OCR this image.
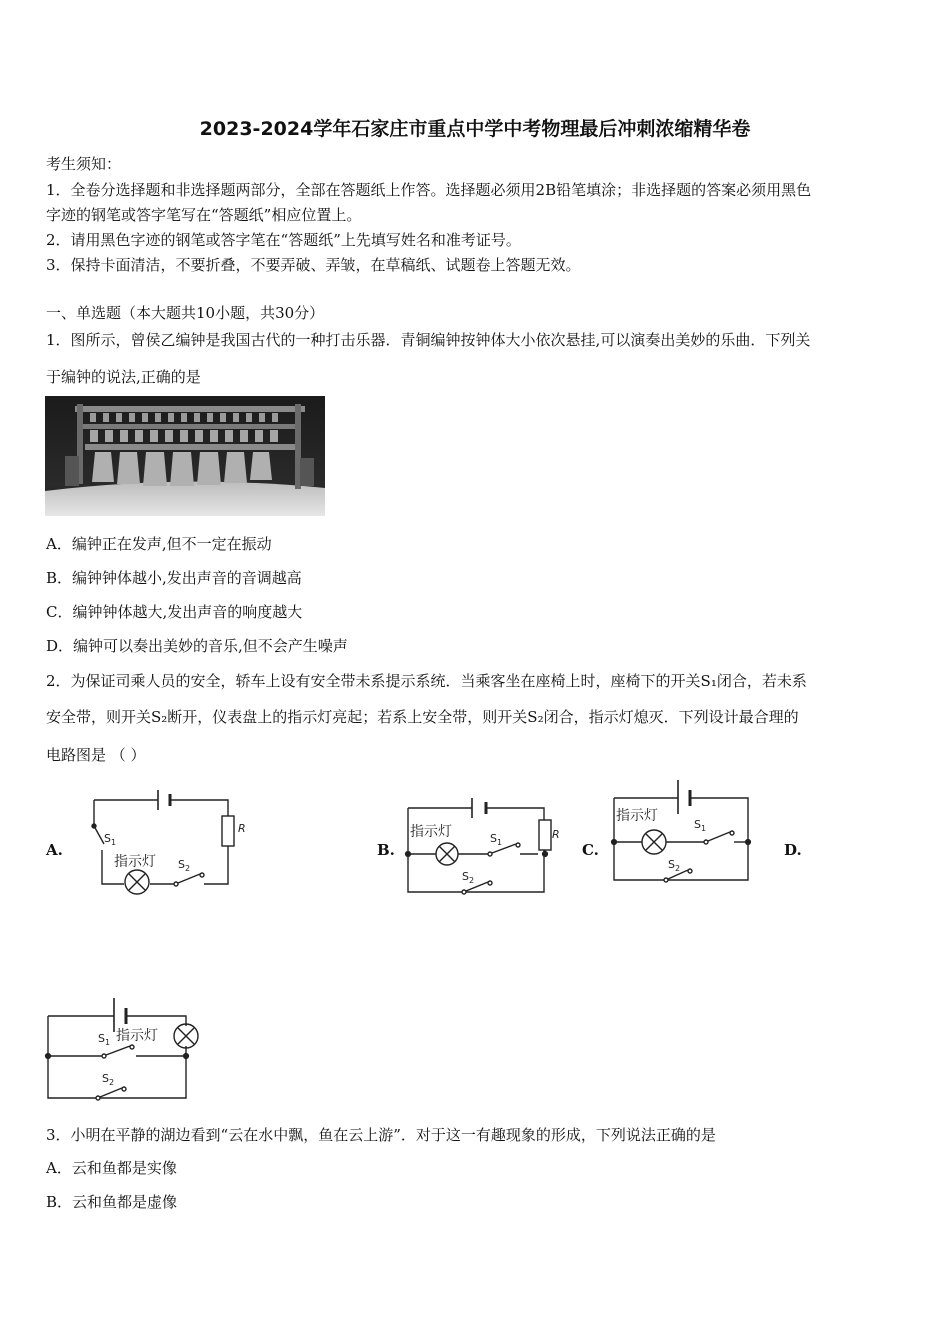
2023-2024学年石家庄市重点中学中考物理最后冲刺浓缩精华卷
考生须知：
1．全卷分选择题和非选择题两部分，全部在答题纸上作答。选择题必须用2B铅笔填涂；非选择题的答案必须用黑色
字迹的钢笔或答字笔写在“答题纸”相应位置上。
2．请用黑色字迹的钢笔或答字笔在“答题纸”上先填写姓名和准考证号。
3．保持卡面清洁，不要折叠，不要弄破、弄皱，在草稿纸、试题卷上答题无效。
一、单选题（本大题共10小题，共30分）
1．图所示，曾侯乙编钟是我国古代的一种打击乐器．青铜编钟按钟体大小依次悬挂,可以演奏出美妙的乐曲．下列关
于编钟的说法,正确的是
A．编钟正在发声,但不一定在振动
B．编钟钟体越小,发出声音的音调越高
C．编钟钟体越大,发出声音的响度越大
D．编钟可以奏出美妙的音乐,但不会产生噪声
2．为保证司乘人员的安全，轿车上设有安全带未系提示系统．当乘客坐在座椅上时，座椅下的开关S₁闭合，若未系
安全带，则开关S₂断开，仪表盘上的指示灯亮起；若系上安全带，则开关S₂闭合，指示灯熄灭．下列设计最合理的
电路图是 （ ）
A.	B.	C.	D.
R
S 1
指示灯 S 2
指示灯	S 1
R
S 2
指示灯
S 1
S 2
S 1 指示灯
S 2
3．小明在平静的湖边看到“云在水中飘，鱼在云上游”．对于这一有趣现象的形成，下列说法正确的是
A．云和鱼都是实像
B．云和鱼都是虚像
